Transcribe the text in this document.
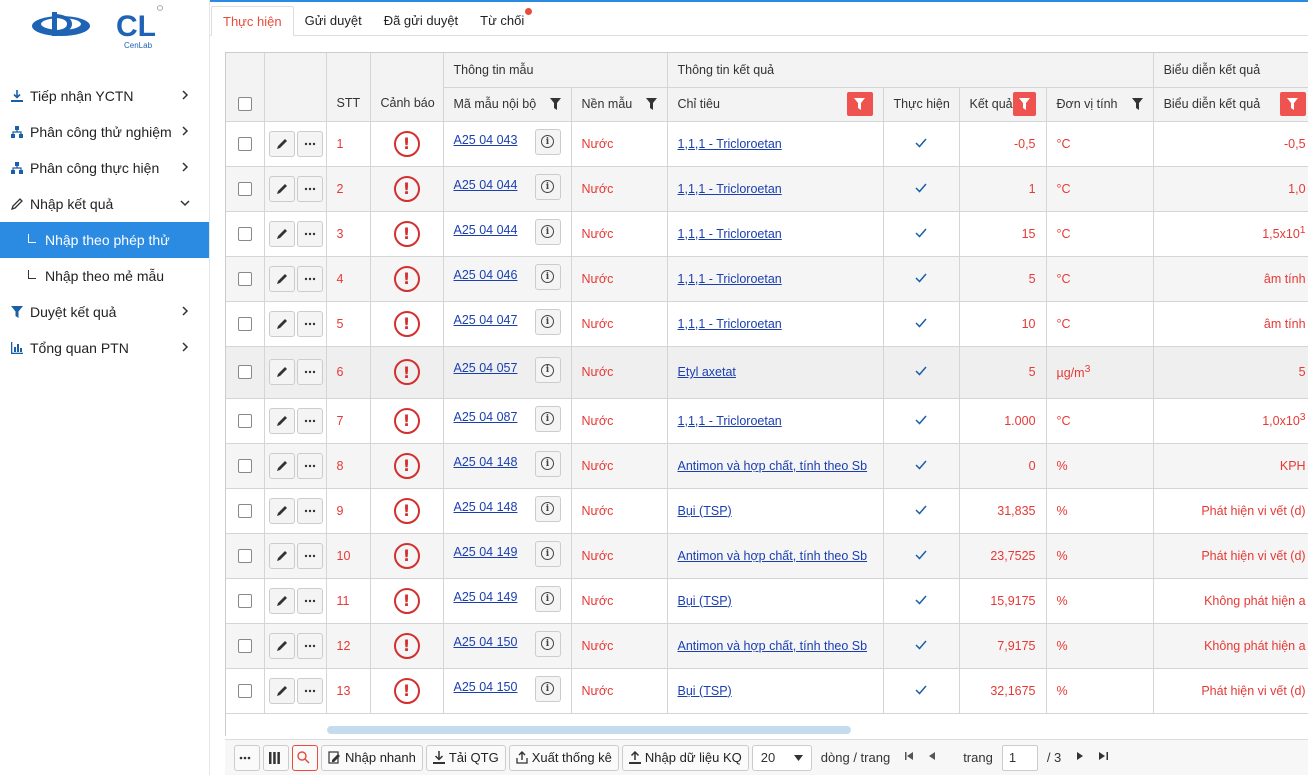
CL
CenLab
Tiếp nhận YCTN
Phân công thử nghiệm
Phân công thực hiện
Nhập kết quả
Nhập theo phép thử
Nhập theo mẻ mẫu
Duyệt kết quả
Tổng quan PTN
Thực hiện	Gửi duyệt	Đã gửi duyệt	Từ chối
		STT	Cảnh báo	Thông tin mẫu		Thông tin kết quả				Biểu diễn kết quả

				Mã mẫu nội bộ	Nền mẫu	Chỉ tiêu	Thực hiện	Kết quả	Đơn vị tính	Biểu diễn kết quả

	1	!	A25 04 043 i	Nước	1,1,1 - Tricloroetan		-0,5	°C	-0,5

	2	!	A25 04 044 i	Nước	1,1,1 - Tricloroetan		1	°C	1,0

	3	!	A25 04 044 i	Nước	1,1,1 - Tricloroetan		15	°C	$1,5x10^1$

	4	!	A25 04 046 i	Nước	1,1,1 - Tricloroetan		5	°C	âm tính

	5	!	A25 04 047 i	Nước	1,1,1 - Tricloroetan		10	°C	âm tính

	6	!	A25 04 057 i	Nước	Etyl axetat		5	$\mu g/m^3$	5

	7	!	A25 04 087 i	Nước	1,1,1 - Tricloroetan		1.000	°C	$1,0x10^3$

	8	!	A25 04 148 i	Nước	Antimon và hợp chất, tính theo Sb		0	%	KPH

	9	!	A25 04 148 i	Nước	Bụi (TSP)		31,835	%	Phát hiện vi vết (d)

	10	!	A25 04 149 i	Nước	Antimon và hợp chất, tính theo Sb		23,7525	%	Phát hiện vi vết (d)

	11	!	A25 04 149 i	Nước	Bụi (TSP)		15,9175	%	Không phát hiện a

	12	!	A25 04 150 i	Nước	Antimon và hợp chất, tính theo Sb		7,9175	%	Không phát hiện a

	13	!	A25 04 150 i	Nước	Bụi (TSP)		32,1675	%	Phát hiện vi vết (d)
Nhập nhanh	Tải QTG	Xuất thống kê	Nhập dữ liệu KQ 20	dòng / trang	trang	1	/ 3
